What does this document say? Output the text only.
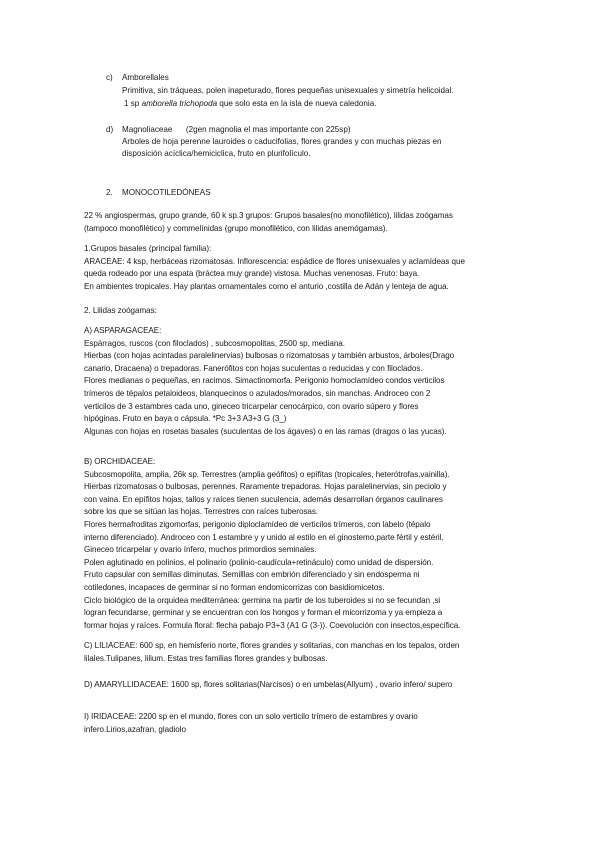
c) Amborellales
Primitiva, sin tráqueas, polen inapeturado, flores pequeñas unisexuales y simetría helicoidal.
1 sp amborella trichopoda que solo esta en la isla de nueva caledonia.
d) Magnoliaceae      (2gen magnolia el mas importante con 225sp)
Arboles de hoja perenne lauroides o caducifolias, flores grandes y con muchas piezas en
disposición acíclica/hemiciclica, fruto en plurifolículo.
2. MONOCOTILEDÓNEAS
22 % angiospermas, grupo grande, 60 k sp.3 grupos: Grupos basales(no monofilético), lilidas zoógamas
(tampoco monofilético) y commelínidas (grupo monofilético, con lilidas anemógamas).
1.Grupos basales (principal familia):
ARACEAE: 4 ksp, herbáceas rizomatosas. Inflorescencia: espádice de flores unisexuales y aclamídeas que
queda rodeado por una espata (bráctea muy grande) vistosa. Muchas venenosas. Fruto: baya.
En ambientes tropicales. Hay plantas ornamentales como el anturio ,costilla de Adán y lenteja de agua.
2. Lilidas zoógamas:
A) ASPARAGACEAE:
Espárragos, ruscos (con filoclados) , subcosmopolitas, 2500 sp, mediana.
Hierbas (con hojas acintadas paralelinervias) bulbosas o rizomatosas y también arbustos, árboles(Drago
canario, Dracaena) o trepadoras. Fanerófitos con hojas suculentas o reducidas y con filoclados.
Flores medianas o pequeñas, en racimos. Simactinomorfa. Perigonio homoclamídeo condos verticilos
trímeros de tépalos petaloideos, blanquecinos o azulados/morados, sin manchas. Androceo con 2
verticilos de 3 estambres cada uno, gineceo tricarpelar cenocárpico, con ovario súpero y flores
hipóginas. Fruto en baya o cápsula. *Pc 3+3 A3+3 G (3_)
Algunas con hojas en rosetas basales (suculentas de los ágaves) o en las ramas (dragos o las yucas).
B) ORCHIDACEAE:
Subcosmopolita, amplia, 26k sp. Terrestres (amplia geófitos) o epífitas (tropicales, heterótrofas,vainilla).
Hierbas rizomatosas o bulbosas, perennes. Raramente trepadoras. Hojas paralelinervias, sin peciolo y
con vaina. En epífitos hojas, tallos y raíces tienen suculencia, además desarrollan órganos caulinares
sobre los que se sitúan las hojas. Terrestres con raíces tuberosas.
Flores hermafroditas zigomorfas, perigonio diploclamídeo de verticilos trímeros, con labelo (tépalo
interno diferenciado). Androceo con 1 estambre y y unido al estilo en el ginostemo,parte fértil y estéril.
Gineceo tricarpelar y ovario ínfero, muchos primordios seminales.
Polen aglutinado en polinios, el polinario (polinio-caudícula+retináculo) como unidad de dispersión.
Fruto capsular con semillas diminutas. Semilllas con embrión diferenciado y sin endosperma ni
cotiledones, incapaces de germinar si no forman endomicorrizas con basidiomicetos.
Ciclo biológico de la orquidea mediterránea: germina na partir de los tuberoides si no se fecundan ,si
logran fecundarse, germinar y se encuentran con los hongos y forman el micorrizoma y ya empieza a
formar hojas y raíces. Formula floral: flecha pabajo P3+3 (A1 G (3-)). Coevolución con insectos,específica.
C) LILIACEAE: 600 sp, en hemisferio norte, flores grandes y solitarias, con manchas en los tepalos, orden
lilales.Tulipanes, lilium. Estas tres familias flores grandes y bulbosas.
D) AMARYLLIDACEAE: 1600 sp, flores solitarias(Narcisos) o en umbelas(Allyum) , ovario infero/ supero
I) IRIDACEAE: 2200 sp en el mundo, flores con un solo verticilo trímero de estambres y ovario
infero.Lirios,azafran, gladiolo
